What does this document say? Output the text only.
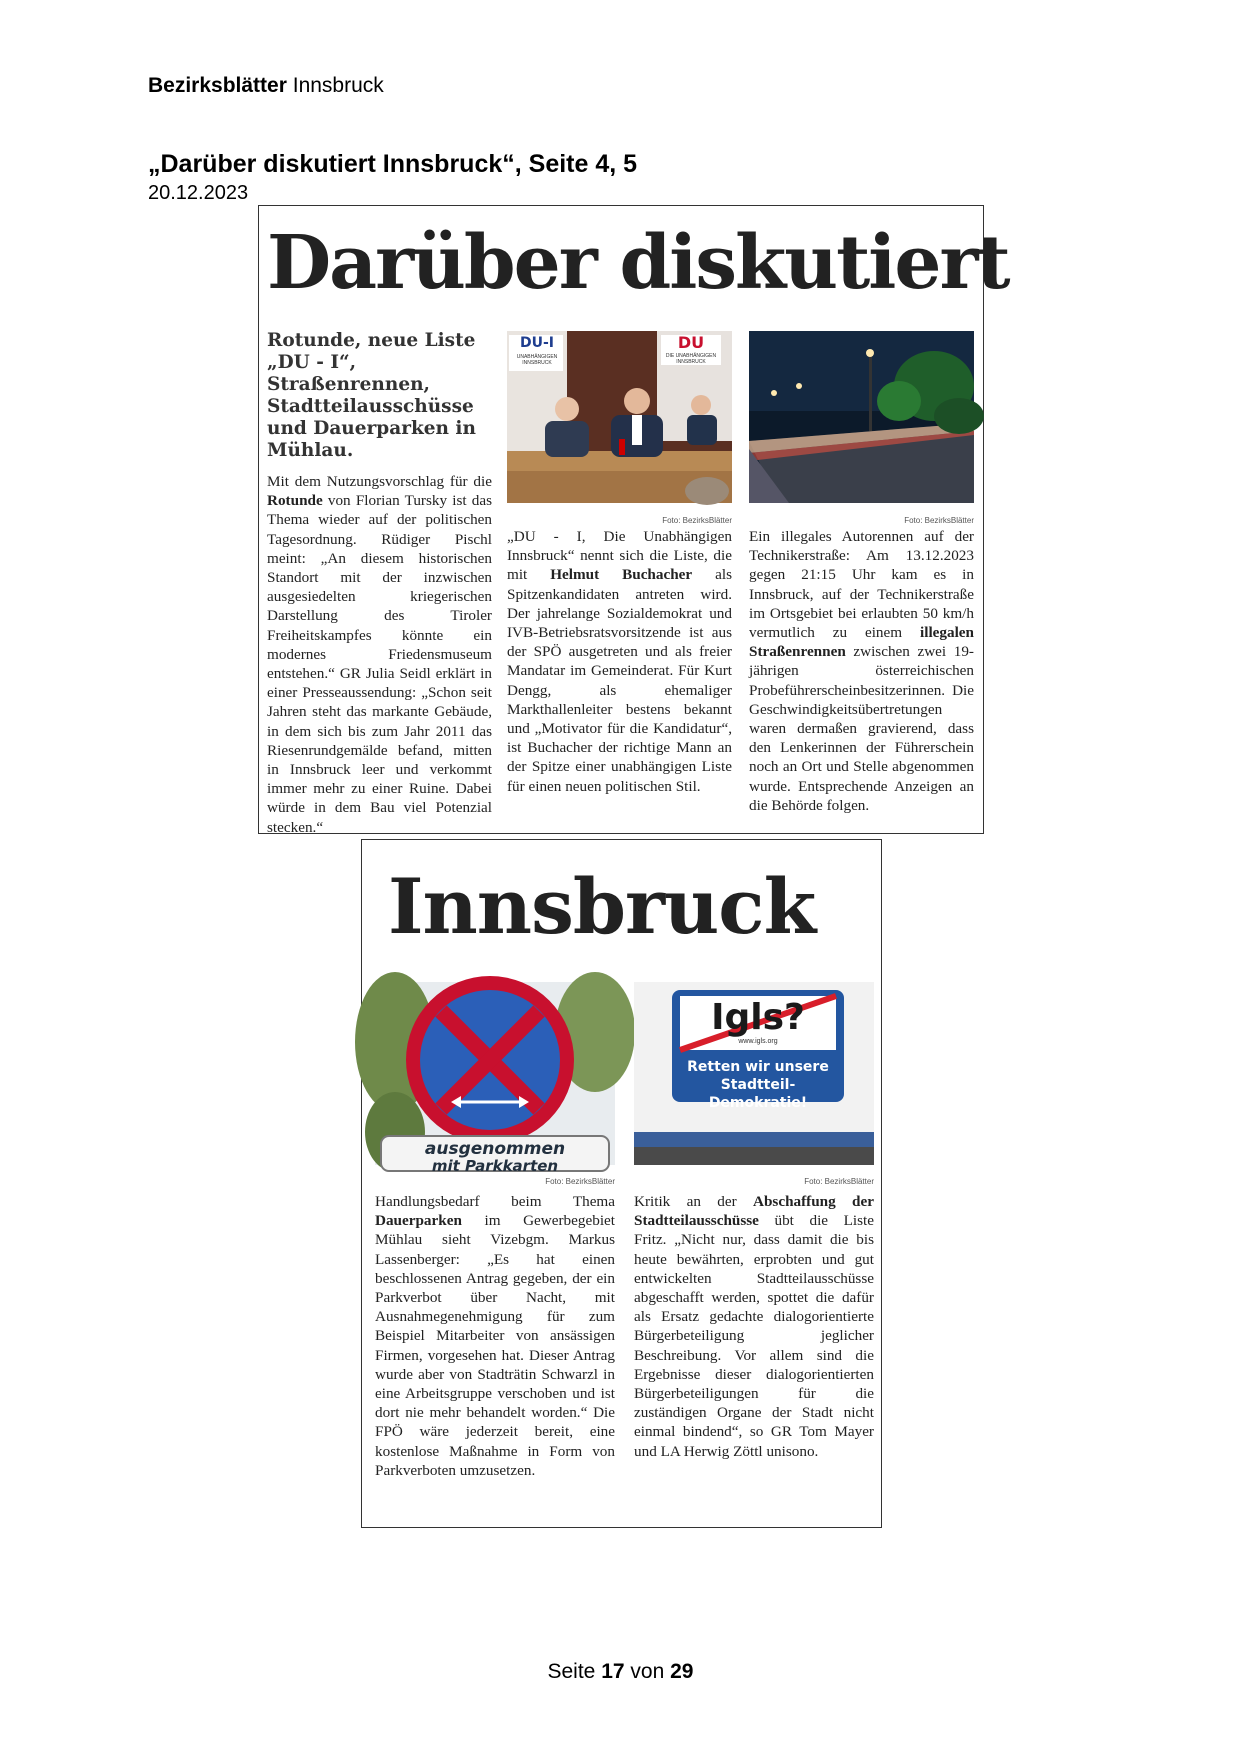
Bezirksblätter Innsbruck
„Darüber diskutiert Innsbruck“, Seite 4, 5
20.12.2023
Darüber diskutiert
Rotunde, neue Liste „DU - I“, Straßenrennen, Stadtteilausschüsse und Dauerparken in Mühlau.
Mit dem Nutzungsvorschlag für die Rotunde von Florian Tursky ist das Thema wieder auf der politischen Tagesordnung. Rüdiger Pischl meint: „An diesem historischen Standort mit der inzwischen ausgesiedelten kriegerischen Darstellung des Tiroler Freiheitskampfes könnte ein modernes Friedensmuseum entstehen.“ GR Julia Seidl erklärt in einer Presseaussendung: „Schon seit Jahren steht das markante Gebäude, in dem sich bis zum Jahr 2011 das Riesenrundgemälde befand, mitten in Innsbruck leer und verkommt immer mehr zu einer Ruine. Dabei würde in dem Bau viel Potenzial stecken.“
DU-I
UNABHÄNGIGEN INNSBRUCK
DU
DIE UNABHÄNGIGEN INNSBRUCK
Foto: BezirksBlätter	Foto: BezirksBlätter
„DU - I, Die Unabhängigen Innsbruck“ nennt sich die Liste, die mit Helmut Buchacher als Spitzenkandidaten antreten wird. Der jahrelange Sozialdemokrat und IVB-Betriebsratsvorsitzende ist aus der SPÖ ausgetreten und als freier Mandatar im Gemeinderat. Für Kurt Dengg, als ehemaliger Markthallenleiter bestens bekannt und „Motivator für die Kandidatur“, ist Buchacher der richtige Mann an der Spitze einer unabhängigen Liste für einen neuen politischen Stil.
Ein illegales Autorennen auf der Technikerstraße: Am 13.12.2023 gegen 21:15 Uhr kam es in Innsbruck, auf der Technikerstraße im Ortsgebiet bei erlaubten 50 km/h vermutlich zu einem illegalen Straßenrennen zwischen zwei 19-jährigen österreichischen Probeführerscheinbesitzerinnen. Die Geschwindigkeitsübertretungen waren dermaßen gravierend, dass den Lenkerinnen der Führerschein noch an Ort und Stelle abgenommen wurde. Entsprechende Anzeigen an die Behörde folgen.
Innsbruck
ausgenommen
mit Parkkarten
Foto: BezirksBlätter
Igls?
www.igls.org
Retten wir unsere
Stadtteil-Demokratie!
Foto: BezirksBlätter
Handlungsbedarf beim Thema Dauerparken im Gewerbegebiet Mühlau sieht Vizebgm. Markus Lassenberger: „Es hat einen beschlossenen Antrag gegeben, der ein Parkverbot über Nacht, mit Ausnahmegenehmigung für zum Beispiel Mitarbeiter von ansässigen Firmen, vorgesehen hat. Dieser Antrag wurde aber von Stadträtin Schwarzl in eine Arbeitsgruppe verschoben und ist dort nie mehr behandelt worden.“ Die FPÖ wäre jederzeit bereit, eine kostenlose Maßnahme in Form von Parkverboten umzusetzen.
Kritik an der Abschaffung der Stadtteilausschüsse übt die Liste Fritz. „Nicht nur, dass damit die bis heute bewährten, erprobten und gut entwickelten Stadtteilausschüsse abgeschafft werden, spottet die dafür als Ersatz gedachte dialogorientierte Bürgerbeteiligung jeglicher Beschreibung. Vor allem sind die Ergebnisse dieser dialogorientierten Bürgerbeteiligungen für die zuständigen Organe der Stadt nicht einmal bindend“, so GR Tom Mayer und LA Herwig Zöttl unisono.
Seite 17 von 29
